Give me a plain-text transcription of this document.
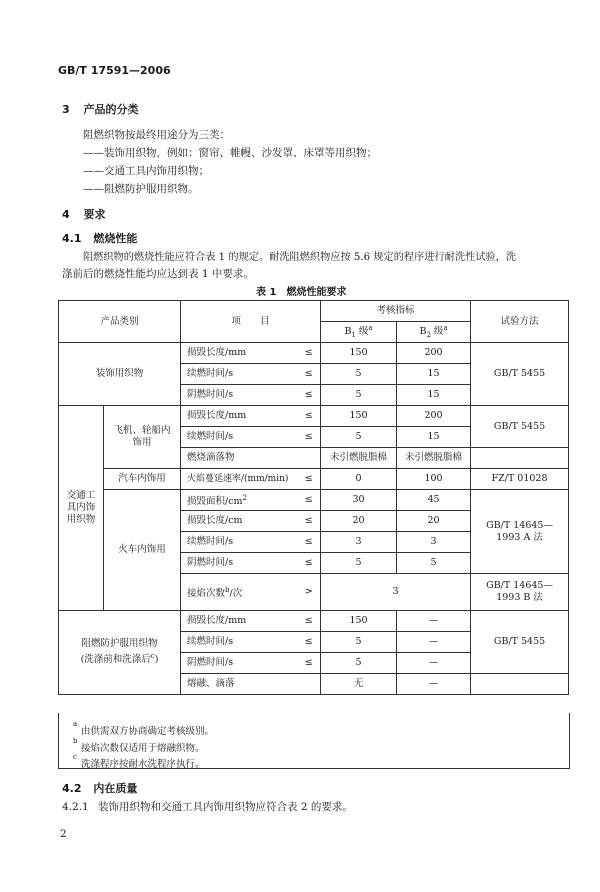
GB/T 17591—2006
3 产品的分类
阻燃织物按最终用途分为三类：
——装饰用织物，例如：窗帘、帷幔、沙发罩、床罩等用织物；
——交通工具内饰用织物；
——阻燃防护服用织物。
4 要求
4.1 燃烧性能
阻燃织物的燃烧性能应符合表 1 的规定。耐洗阻燃织物应按 5.6 规定的程序进行耐洗性试验，洗
涤前后的燃烧性能均应达到表 1 中要求。
表 1　燃烧性能要求
产品类别		项　　目		考核指标		试验方法
				$B_1$ 级$^a$	$B_2$ 级$^a$
装饰用织物		损毁长度/mm	≤	150	200	GB/T 5455
		续燃时间/s	≤	5	15	
		阴燃时间/s	≤	5	15	
交通工具内饰用织物	飞机、轮船内饰用	损毁长度/mm	≤	150	200	GB/T 5455
		续燃时间/s	≤	5	15	
		燃烧滴落物		未引燃脱脂棉	未引燃脱脂棉	
	汽车内饰用	火焰蔓延速率/(mm/min)	≤	0	100	FZ/T 01028
	火车内饰用	损毁面积$/cm^2$	≤	30	45	GB/T 14645—1993 A 法
		损毁长度/cm	≤	20	20	
		续燃时间/s	≤	3	3	
		阴燃时间/s	≤	5	5	
		接焰次数$^b$/次	>	3		GB/T 14645—1993 B 法

阻燃防护服用织物
(洗涤前和洗涤后$^c$)		损毁长度/mm	≤	150	—	GB/T 5455
		续燃时间/s	≤	5	—	
		阴燃时间/s	≤	5	—	
		熔融、滴落		无	—	
a
由供需双方协商确定考核级别。
b
接焰次数仅适用于熔融织物。
c
洗涤程序按耐水洗程序执行。
4.2 内在质量
4.2.1 装饰用织物和交通工具内饰用织物应符合表 2 的要求。
2
